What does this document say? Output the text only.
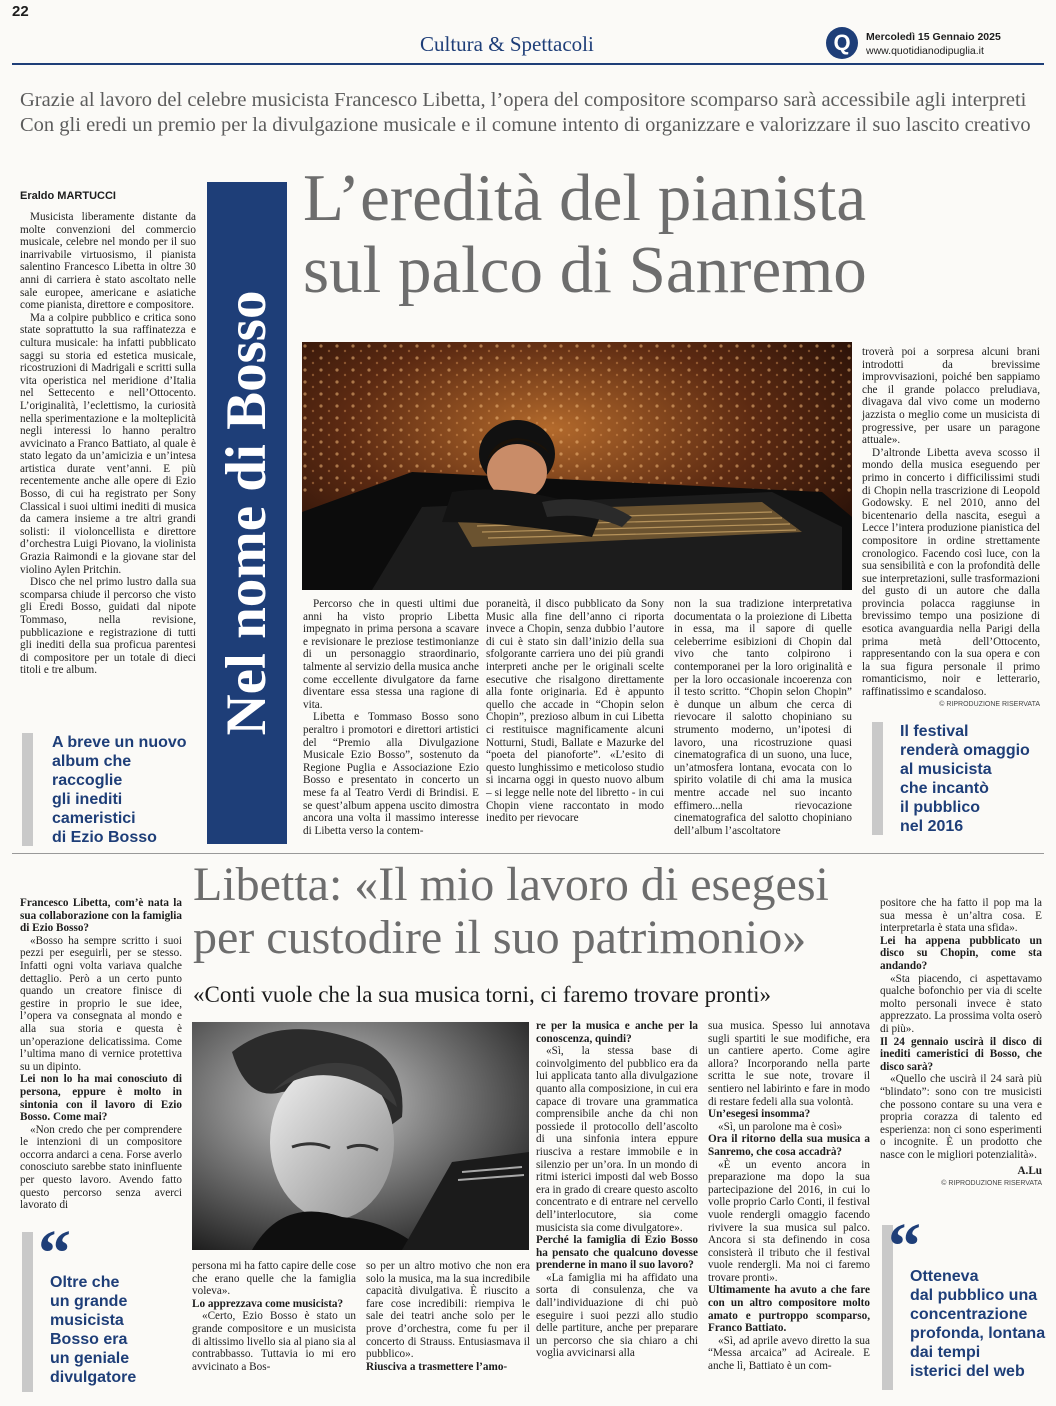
22
Cultura & Spettacoli	Q	Mercoledì 15 Gennaio 2025
www.quotidianodipuglia.it
Grazie al lavoro del celebre musicista Francesco Libetta, l’opera del compositore scomparso sarà accessibile agli interpreti
Con gli eredi un premio per la divulgazione musicale e il comune intento di organizzare e valorizzare il suo lascito creativo
Eraldo MARTUCCI

Musicista liberamente distante da molte convenzioni del commercio musicale, celebre nel mondo per il suo inarrivabile virtuosismo, il pianista salentino Francesco Libetta in oltre 30 anni di carriera è stato ascoltato nelle sale europee, americane e asiatiche come pianista, direttore e compositore.

Ma a colpire pubblico e critica sono state soprattutto la sua raffinatezza e cultura musicale: ha infatti pubblicato saggi su storia ed estetica musicale, ricostruzioni di Madrigali e scritti sulla vita operistica nel meridione d’Italia nel Settecento e nell’Ottocento. L’originalità, l’eclettismo, la curiosità nella sperimentazione e la molteplicità negli interessi lo hanno peraltro avvicinato a Franco Battiato, al quale è stato legato da un’amicizia e un’intesa artistica durate vent’anni. E più recentemente anche alle opere di Ezio Bosso, di cui ha registrato per Sony Classical i suoi ultimi inediti di musica da camera insieme a tre altri grandi solisti: il violoncellista e direttore d’orchestra Luigi Piovano, la violinista Grazia Raimondi e la giovane star del violino Aylen Pritchin.

Disco che nel primo lustro dalla sua scomparsa chiude il percorso che visto gli Eredi Bosso, guidati dal nipote Tommaso, nella revisione, pubblicazione e registrazione di tutti gli inediti della sua proficua parentesi di compositore per un totale di dieci titoli e tre album.	Nel nome di Bosso
L’eredità del pianista
sul palco di Sanremo

Percorso che in questi ultimi due anni ha visto proprio Libetta impegnato in prima persona a scavare e revisionare le preziose testimonianze di un personaggio straordinario, talmente al servizio della musica anche come eccellente divulgatore da farne diventare essa stessa una ragione di vita.

Libetta e Tommaso Bosso sono peraltro i promotori e direttori artistici del “Premio alla Divulgazione Musicale Ezio Bosso”, sostenuto da Regione Puglia e Associazione Ezio Bosso e presentato in concerto un mese fa al Teatro Verdi di Brindisi. E se quest’album appena uscito dimostra ancora una volta il massimo interesse di Libetta verso la contem-

poraneità, il disco pubblicato da Sony Music alla fine dell’anno ci riporta invece a Chopin, senza dubbio l’autore di cui è stato sin dall’inizio della sua sfolgorante carriera uno dei più grandi interpreti anche per le originali scelte esecutive che risalgono direttamente alla fonte originaria. Ed è appunto quello che accade in “Chopin selon Chopin”, prezioso album in cui Libetta ci restituisce magnificamente alcuni Notturni, Studi, Ballate e Mazurke del “poeta del pianoforte”. «L’esito di questo lunghissimo e meticoloso studio si incarna oggi in questo nuovo album – si legge nelle note del libretto - in cui Chopin viene raccontato in modo inedito per rievocare

non la sua tradizione interpretativa documentata o la proiezione di Libetta in essa, ma il sapore di quelle celeberrime esibizioni di Chopin dal vivo che tanto colpirono i contemporanei per la loro originalità e per la loro occasionale incoerenza con il testo scritto. “Chopin selon Chopin” è dunque un album che cerca di rievocare il salotto chopiniano su strumento moderno, un’ipotesi di lavoro, una ricostruzione quasi cinematografica di un suono, una luce, un’atmosfera lontana, evocata con lo spirito volatile di chi ama la musica mentre accade nel suo incanto effimero...nella rievocazione cinematografica del salotto chopiniano dell’album l’ascoltatore

troverà poi a sorpresa alcuni brani introdotti da brevissime improvvisazioni, poiché ben sappiamo che il grande polacco preludiava, divagava dal vivo come un moderno jazzista o meglio come un musicista di progressive, per usare un paragone attuale».

D’altronde Libetta aveva scosso il mondo della musica eseguendo per primo in concerto i difficilissimi studi di Chopin nella trascrizione di Leopold Godowsky. E nel 2010, anno del bicentenario della nascita, eseguì a Lecce l’intera produzione pianistica del compositore in ordine strettamente cronologico. Facendo così luce, con la sua sensibilità e con la profondità delle sue interpretazioni, sulle trasformazioni del gusto di un autore che dalla provincia polacca raggiunse in brevissimo tempo una posizione di esotica avanguardia nella Parigi della prima metà dell’Ottocento, rappresentando con la sua opera e con la sua figura personale il primo romanticismo, noir e letterario, raffinatissimo e scandaloso.

© RIPRODUZIONE RISERVATA

A breve un nuovo
album che
raccoglie
gli inediti
cameristici
di Ezio Bosso
Il festival
renderà omaggio
al musicista
che incantò
il pubblico
nel 2016
Libetta: «Il mio lavoro di esegesi
per custodire il suo patrimonio»
«Conti vuole che la sua musica torni, ci faremo trovare pronti»

Francesco Libetta, com’è nata la sua collaborazione con la famiglia di Ezio Bosso?

«Bosso ha sempre scritto i suoi pezzi per eseguirli, per se stesso. Infatti ogni volta variava qualche dettaglio. Però a un certo punto quando un creatore finisce di gestire in proprio le sue idee, l’opera va consegnata al mondo e alla sua storia e questa è un’operazione delicatissima. Come l’ultima mano di vernice protettiva su un dipinto.

Lei non lo ha mai conosciuto di persona, eppure è molto in sintonia con il lavoro di Ezio Bosso. Come mai?

«Non credo che per comprendere le intenzioni di un compositore occorra andarci a cena. Forse averlo conosciuto sarebbe stato ininfluente per questo lavoro. Avendo fatto questo percorso senza averci lavorato di

persona mi ha fatto capire delle cose che erano quelle che la famiglia voleva».

Lo apprezzava come musicista?

«Certo, Ezio Bosso è stato un grande compositore e un musicista di altissimo livello sia al piano sia al contrabbasso. Tuttavia io mi ero avvicinato a Bos-

so per un altro motivo che non era solo la musica, ma la sua incredibile capacità divulgativa. È riuscito a fare cose incredibili: riempiva le sale dei teatri anche solo per le prove d’orchestra, come fu per il concerto di Strauss. Entusiasmava il pubblico».

Riusciva a trasmettere l’amo-

re per la musica e anche per la conoscenza, quindi?

«Sì, la stessa base di coinvolgimento del pubblico era da lui applicata tanto alla divulgazione quanto alla composizione, in cui era capace di trovare una grammatica comprensibile anche da chi non possiede il protocollo dell’ascolto di una sinfonia intera eppure riusciva a restare immobile e in silenzio per un’ora. In un mondo di ritmi isterici imposti dal web Bosso era in grado di creare questo ascolto concentrato e di entrare nel cervello dell’interlocutore, sia come musicista sia come divulgatore».

Perché la famiglia di Ezio Bosso ha pensato che qualcuno dovesse prenderne in mano il suo lavoro?

«La famiglia mi ha affidato una sorta di consulenza, che va dall’individuazione di chi può eseguire i suoi pezzi allo studio delle partiture, anche per preparare un percorso che sia chiaro a chi voglia avvicinarsi alla

sua musica. Spesso lui annotava sugli spartiti le sue modifiche, era un cantiere aperto. Come agire allora? Incorporando nella parte scritta le sue note, trovare il sentiero nel labirinto e fare in modo di restare fedeli alla sua volontà.

Un’esegesi insomma?

«Sì, un parolone ma è così»

Ora il ritorno della sua musica a Sanremo, che cosa accadrà?

«È un evento ancora in preparazione ma dopo la sua partecipazione del 2016, in cui lo volle proprio Carlo Conti, il festival vuole rendergli omaggio facendo rivivere la sua musica sul palco. Ancora si sta definendo in cosa consisterà il tributo che il festival vuole rendergli. Ma noi ci faremo trovare pronti».

Ultimamente ha avuto a che fare con un altro compositore molto amato e purtroppo scomparso, Franco Battiato.

«Sì, ad aprile avevo diretto la sua “Messa arcaica” ad Acireale. E anche lì, Battiato è un com-

positore che ha fatto il pop ma la sua messa è un’altra cosa. E interpretarla è stata una sfida».

Lei ha appena pubblicato un disco su Chopin, come sta andando?

«Sta piacendo, ci aspettavamo qualche bofonchio per via di scelte molto personali invece è stato apprezzato. La prossima volta oserò di più».

Il 24 gennaio uscirà il disco di inediti cameristici di Bosso, che disco sarà?

«Quello che uscirà il 24 sarà più “blindato”: sono con tre musicisti che possono contare su una vera e propria corazza di talento ed esperienza: non ci sono esperimenti o incognite. È un prodotto che nasce con le migliori potenzialità».

A.Lu

© RIPRODUZIONE RISERVATA

“
Oltre che
un grande
musicista
Bosso era
un geniale
divulgatore
“
Otteneva
dal pubblico una
concentrazione
profonda, lontana
dai tempi
isterici del web
